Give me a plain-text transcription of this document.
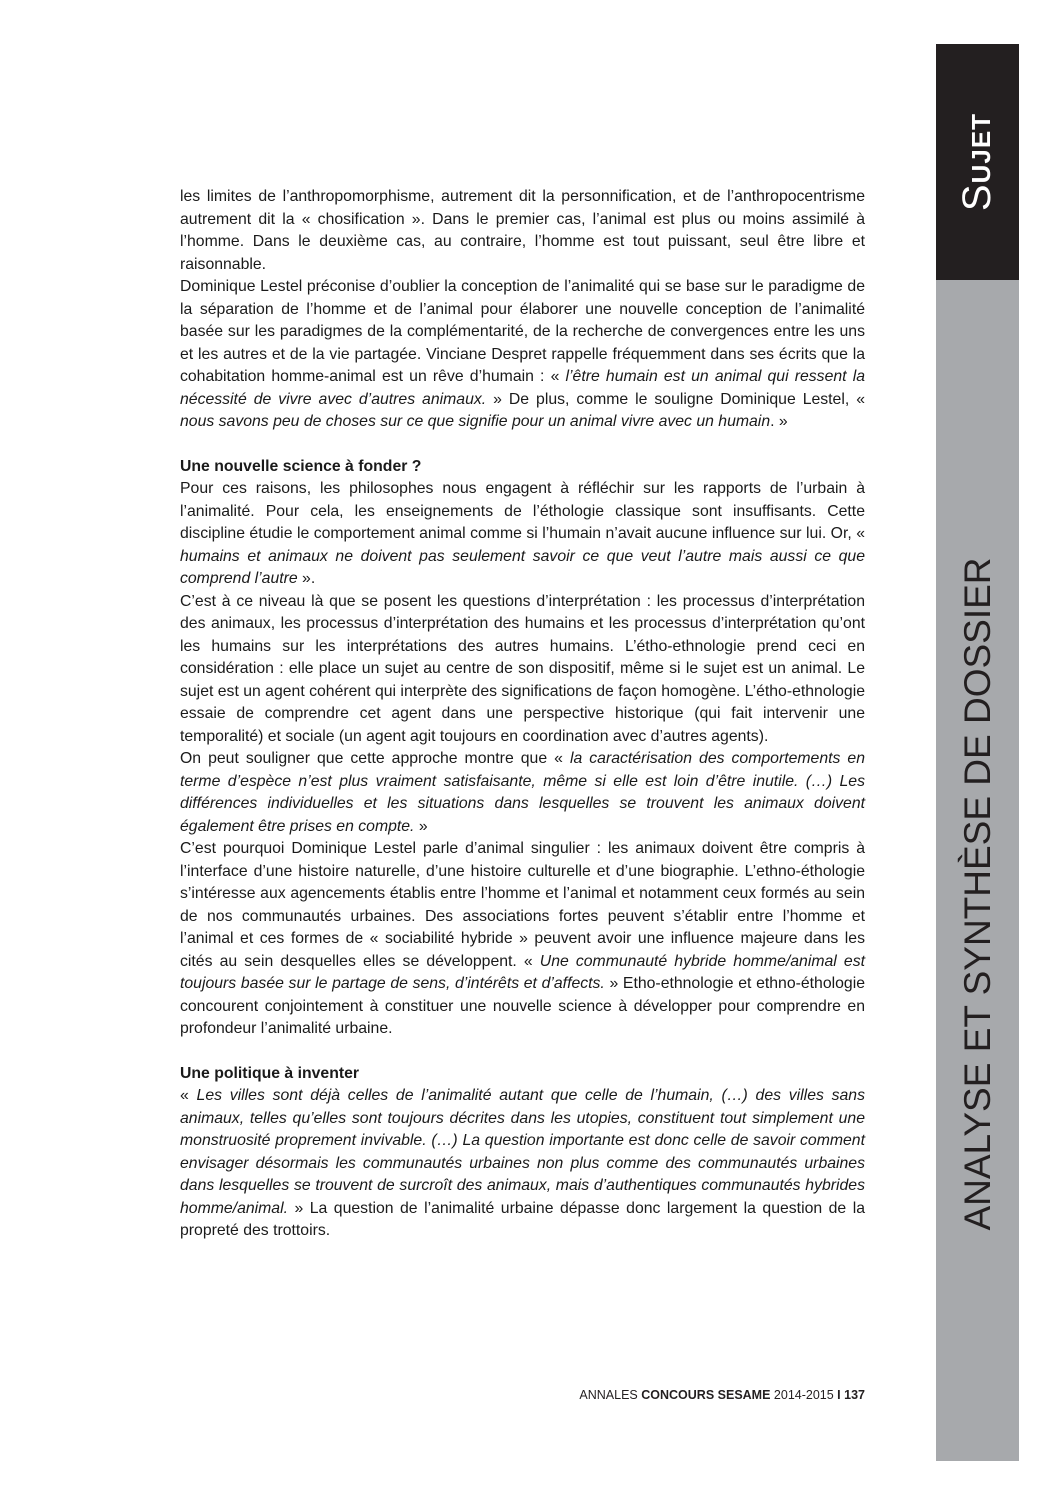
SUJET
ANALYSE ET SYNTHÈSE DE DOSSIER

les limites de l’anthropomorphisme, autrement dit la personnification, et de l’anthropocentrisme autrement dit la « chosification ». Dans le premier cas, l’animal est plus ou moins assimilé à l’homme. Dans le deuxième cas, au contraire, l’homme est tout puissant, seul être libre et raisonnable.

Dominique Lestel préconise d’oublier la conception de l’animalité qui se base sur le paradigme de la séparation de l’homme et de l’animal pour élaborer une nouvelle conception de l’animalité basée sur les paradigmes de la complémentarité, de la recherche de convergences entre les uns et les autres et de la vie partagée. Vinciane Despret rappelle fréquemment dans ses écrits que la cohabitation homme-animal est un rêve d’humain : « l’être humain est un animal qui ressent la nécessité de vivre avec d’autres animaux. » De plus, comme le souligne Dominique Lestel, « nous savons peu de choses sur ce que signifie pour un animal vivre avec un humain. »

Une nouvelle science à fonder ?

Pour ces raisons, les philosophes nous engagent à réfléchir sur les rapports de l’urbain à l’animalité. Pour cela, les enseignements de l’éthologie classique sont insuffisants. Cette discipline étudie le comportement animal comme si l’humain n’avait aucune influence sur lui. Or, « humains et animaux ne doivent pas seulement savoir ce que veut l’autre mais aussi ce que comprend l’autre ».

C’est à ce niveau là que se posent les questions d’interprétation : les processus d’interprétation des animaux, les processus d’interprétation des humains et les processus d’interprétation qu’ont les humains sur les interprétations des autres humains. L’étho-ethnologie prend ceci en considération : elle place un sujet au centre de son dispositif, même si le sujet est un animal. Le sujet est un agent cohérent qui interprète des significations de façon homogène. L’étho-ethnologie essaie de comprendre cet agent dans une perspective historique (qui fait intervenir une temporalité) et sociale (un agent agit toujours en coordination avec d’autres agents).

On peut souligner que cette approche montre que « la caractérisation des comportements en terme d’espèce n’est plus vraiment satisfaisante, même si elle est loin d’être inutile. (…) Les différences individuelles et les situations dans lesquelles se trouvent les animaux doivent également être prises en compte. »

C’est pourquoi Dominique Lestel parle d’animal singulier : les animaux doivent être compris à l’interface d’une histoire naturelle, d’une histoire culturelle et d’une biographie. L’ethno-éthologie s’intéresse aux agencements établis entre l’homme et l’animal et notamment ceux formés au sein de nos communautés urbaines. Des associations fortes peuvent s’établir entre l’homme et l’animal et ces formes de « sociabilité hybride » peuvent avoir une influence majeure dans les cités au sein desquelles elles se développent. « Une communauté hybride homme/animal est toujours basée sur le partage de sens, d’intérêts et d’affects. » Etho-ethnologie et ethno-éthologie concourent conjointement à constituer une nouvelle science à développer pour comprendre en profondeur l’animalité urbaine.

Une politique à inventer

« Les villes sont déjà celles de l’animalité autant que celle de l’humain, (…) des villes sans animaux, telles qu’elles sont toujours décrites dans les utopies, constituent tout simplement une monstruosité proprement invivable. (…) La question importante est donc celle de savoir comment envisager désormais les communautés urbaines non plus comme des communautés urbaines dans lesquelles se trouvent de surcroît des animaux, mais d’authentiques communautés hybrides homme/animal. » La question de l’animalité urbaine dépasse donc largement la question de la propreté des trottoirs.

ANNALES CONCOURS SESAME 2014-2015 I 137
